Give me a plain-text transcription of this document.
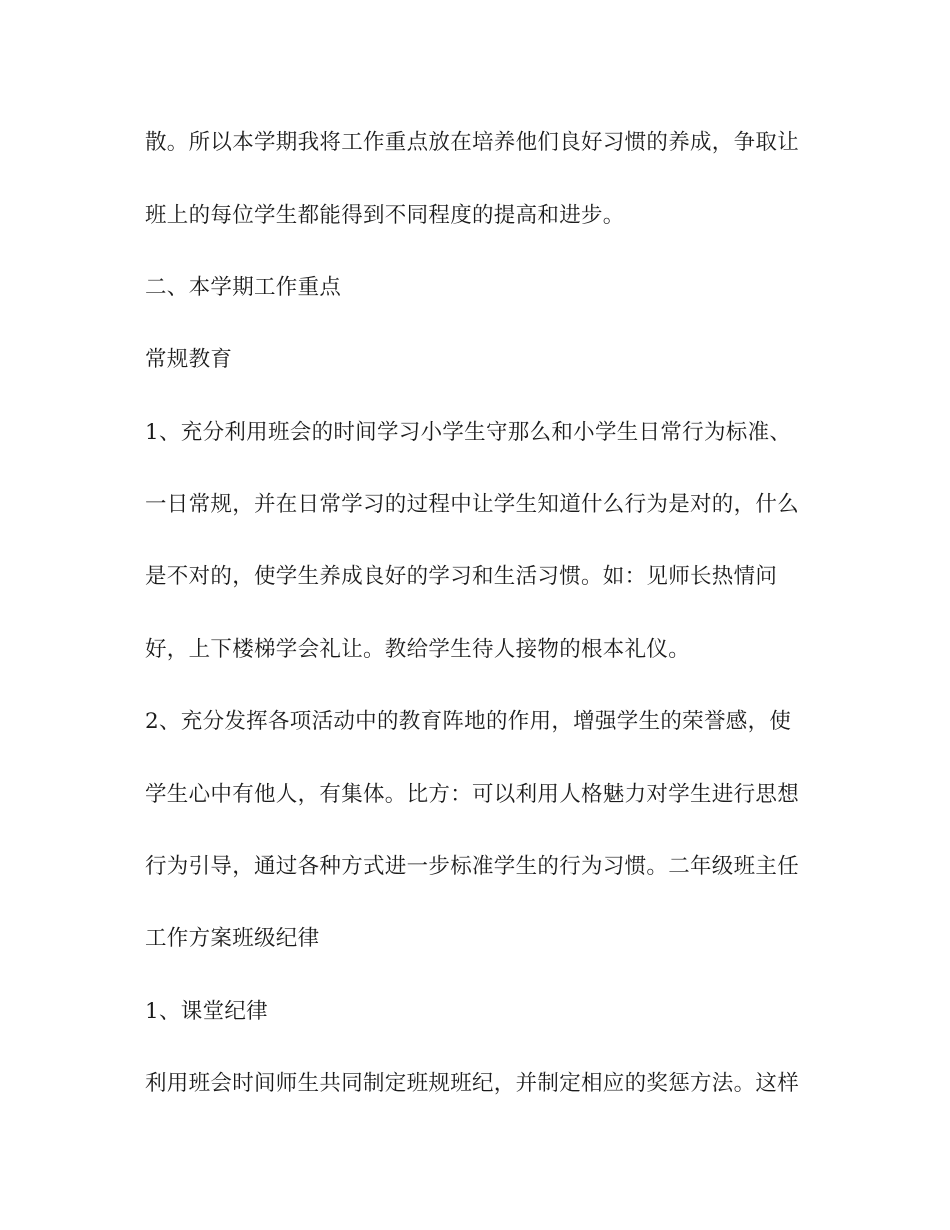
散。所以本学期我将工作重点放在培养他们良好习惯的养成，争取让
班上的每位学生都能得到不同程度的提高和进步。
二、本学期工作重点
常规教育
1、充分利用班会的时间学习小学生守那么和小学生日常行为标准、
一日常规，并在日常学习的过程中让学生知道什么行为是对的，什么
是不对的，使学生养成良好的学习和生活习惯。如：见师长热情问
好，上下楼梯学会礼让。教给学生待人接物的根本礼仪。
2、充分发挥各项活动中的教育阵地的作用，增强学生的荣誉感，使
学生心中有他人，有集体。比方：可以利用人格魅力对学生进行思想
行为引导，通过各种方式进一步标准学生的行为习惯。二年级班主任
工作方案班级纪律
1、课堂纪律
利用班会时间师生共同制定班规班纪，并制定相应的奖惩方法。这样
